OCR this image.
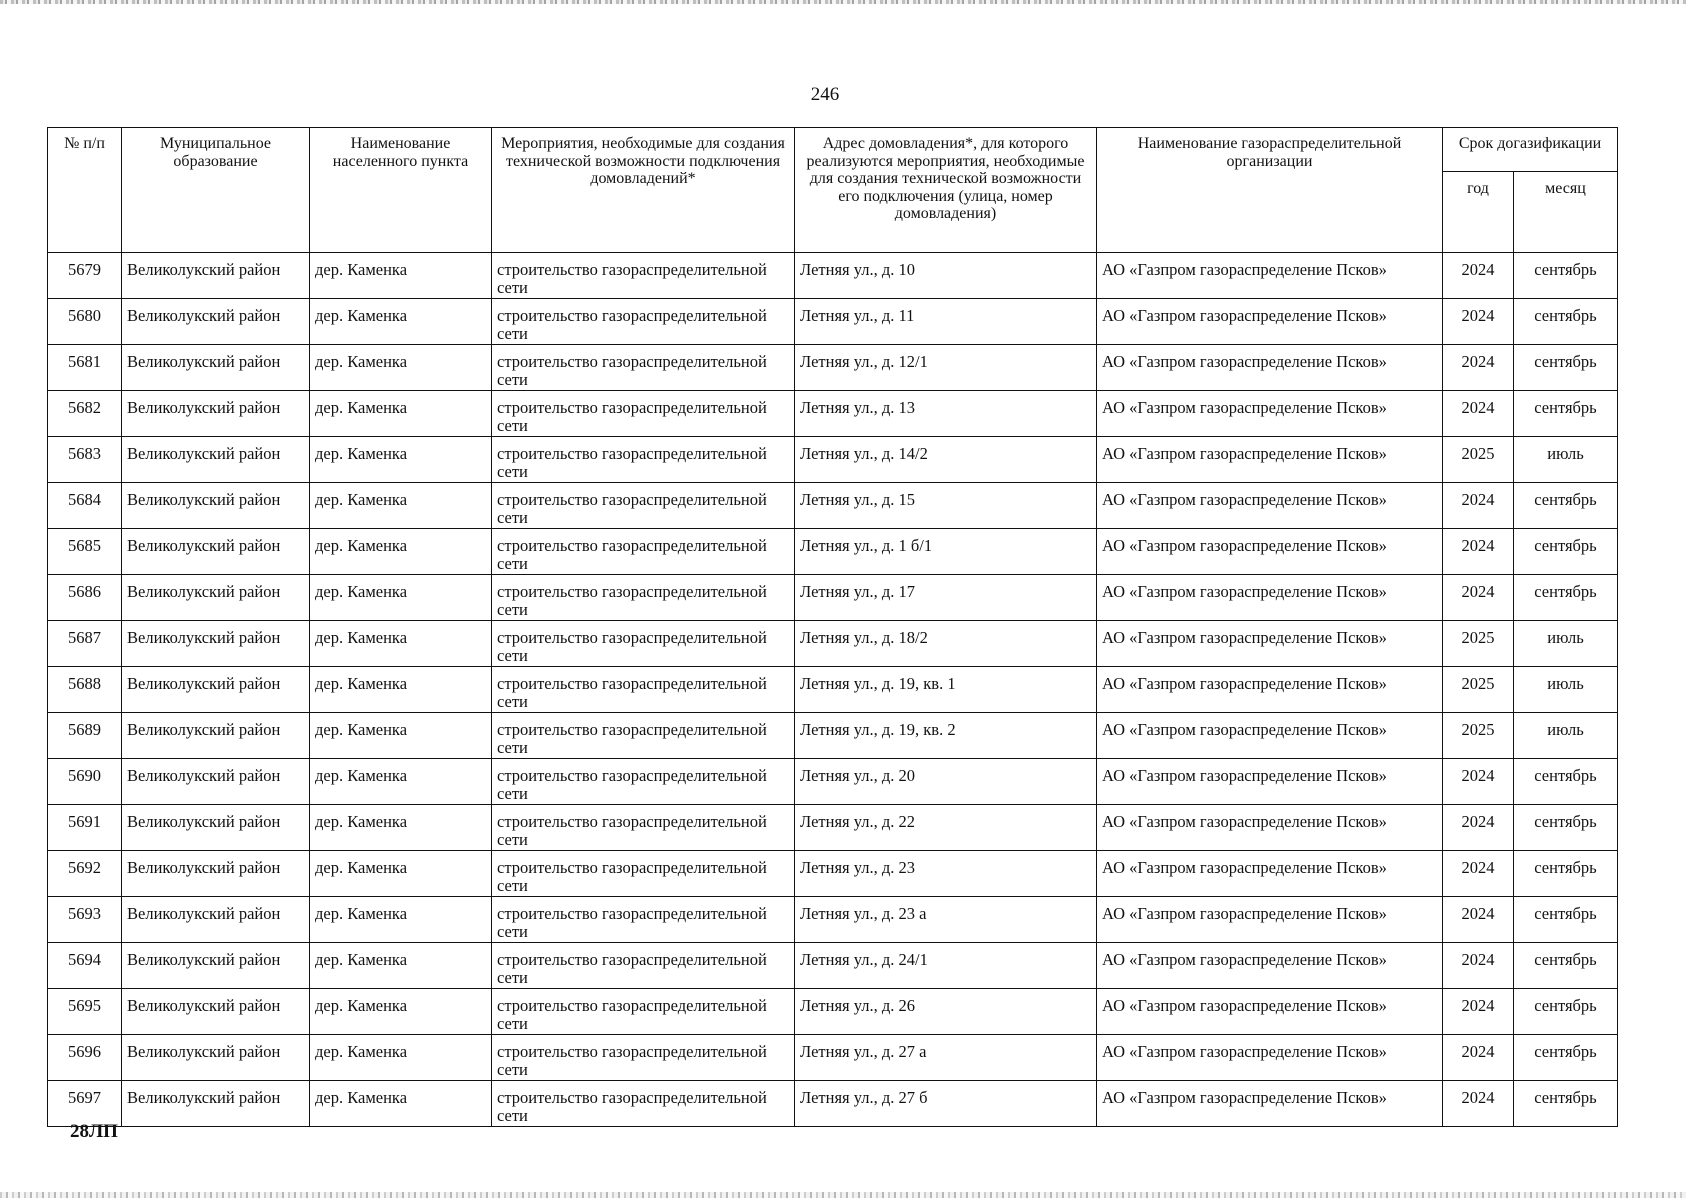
246
№ п/п	Муниципальное образование	Наименование населенного пункта	Мероприятия, необходимые для создания технической возможности подключения домовладений*	Адрес домовладения*, для которого реализуются мероприятия, необходимые для создания технической возможности его подключения (улица, номер домовладения)	Наименование газораспределительной организации	Срок догазификации	
						год	месяц
5679	Великолукский район	дер. Каменка	строительство газораспределительной сети	Летняя ул., д. 10	АО «Газпром газораспределение Псков»	2024	сентябрь
5680	Великолукский район	дер. Каменка	строительство газораспределительной сети	Летняя ул., д. 11	АО «Газпром газораспределение Псков»	2024	сентябрь
5681	Великолукский район	дер. Каменка	строительство газораспределительной сети	Летняя ул., д. 12/1	АО «Газпром газораспределение Псков»	2024	сентябрь
5682	Великолукский район	дер. Каменка	строительство газораспределительной сети	Летняя ул., д. 13	АО «Газпром газораспределение Псков»	2024	сентябрь
5683	Великолукский район	дер. Каменка	строительство газораспределительной сети	Летняя ул., д. 14/2	АО «Газпром газораспределение Псков»	2025	июль
5684	Великолукский район	дер. Каменка	строительство газораспределительной сети	Летняя ул., д. 15	АО «Газпром газораспределение Псков»	2024	сентябрь
5685	Великолукский район	дер. Каменка	строительство газораспределительной сети	Летняя ул., д. 1 б/1	АО «Газпром газораспределение Псков»	2024	сентябрь
5686	Великолукский район	дер. Каменка	строительство газораспределительной сети	Летняя ул., д. 17	АО «Газпром газораспределение Псков»	2024	сентябрь
5687	Великолукский район	дер. Каменка	строительство газораспределительной сети	Летняя ул., д. 18/2	АО «Газпром газораспределение Псков»	2025	июль
5688	Великолукский район	дер. Каменка	строительство газораспределительной сети	Летняя ул., д. 19, кв. 1	АО «Газпром газораспределение Псков»	2025	июль
5689	Великолукский район	дер. Каменка	строительство газораспределительной сети	Летняя ул., д. 19, кв. 2	АО «Газпром газораспределение Псков»	2025	июль
5690	Великолукский район	дер. Каменка	строительство газораспределительной сети	Летняя ул., д. 20	АО «Газпром газораспределение Псков»	2024	сентябрь
5691	Великолукский район	дер. Каменка	строительство газораспределительной сети	Летняя ул., д. 22	АО «Газпром газораспределение Псков»	2024	сентябрь
5692	Великолукский район	дер. Каменка	строительство газораспределительной сети	Летняя ул., д. 23	АО «Газпром газораспределение Псков»	2024	сентябрь
5693	Великолукский район	дер. Каменка	строительство газораспределительной сети	Летняя ул., д. 23 а	АО «Газпром газораспределение Псков»	2024	сентябрь
5694	Великолукский район	дер. Каменка	строительство газораспределительной сети	Летняя ул., д. 24/1	АО «Газпром газораспределение Псков»	2024	сентябрь
5695	Великолукский район	дер. Каменка	строительство газораспределительной сети	Летняя ул., д. 26	АО «Газпром газораспределение Псков»	2024	сентябрь
5696	Великолукский район	дер. Каменка	строительство газораспределительной сети	Летняя ул., д. 27 а	АО «Газпром газораспределение Псков»	2024	сентябрь
5697	Великолукский район	дер. Каменка	строительство газораспределительной сети	Летняя ул., д. 27 б	АО «Газпром газораспределение Псков»	2024	сентябрь
28ЛП
